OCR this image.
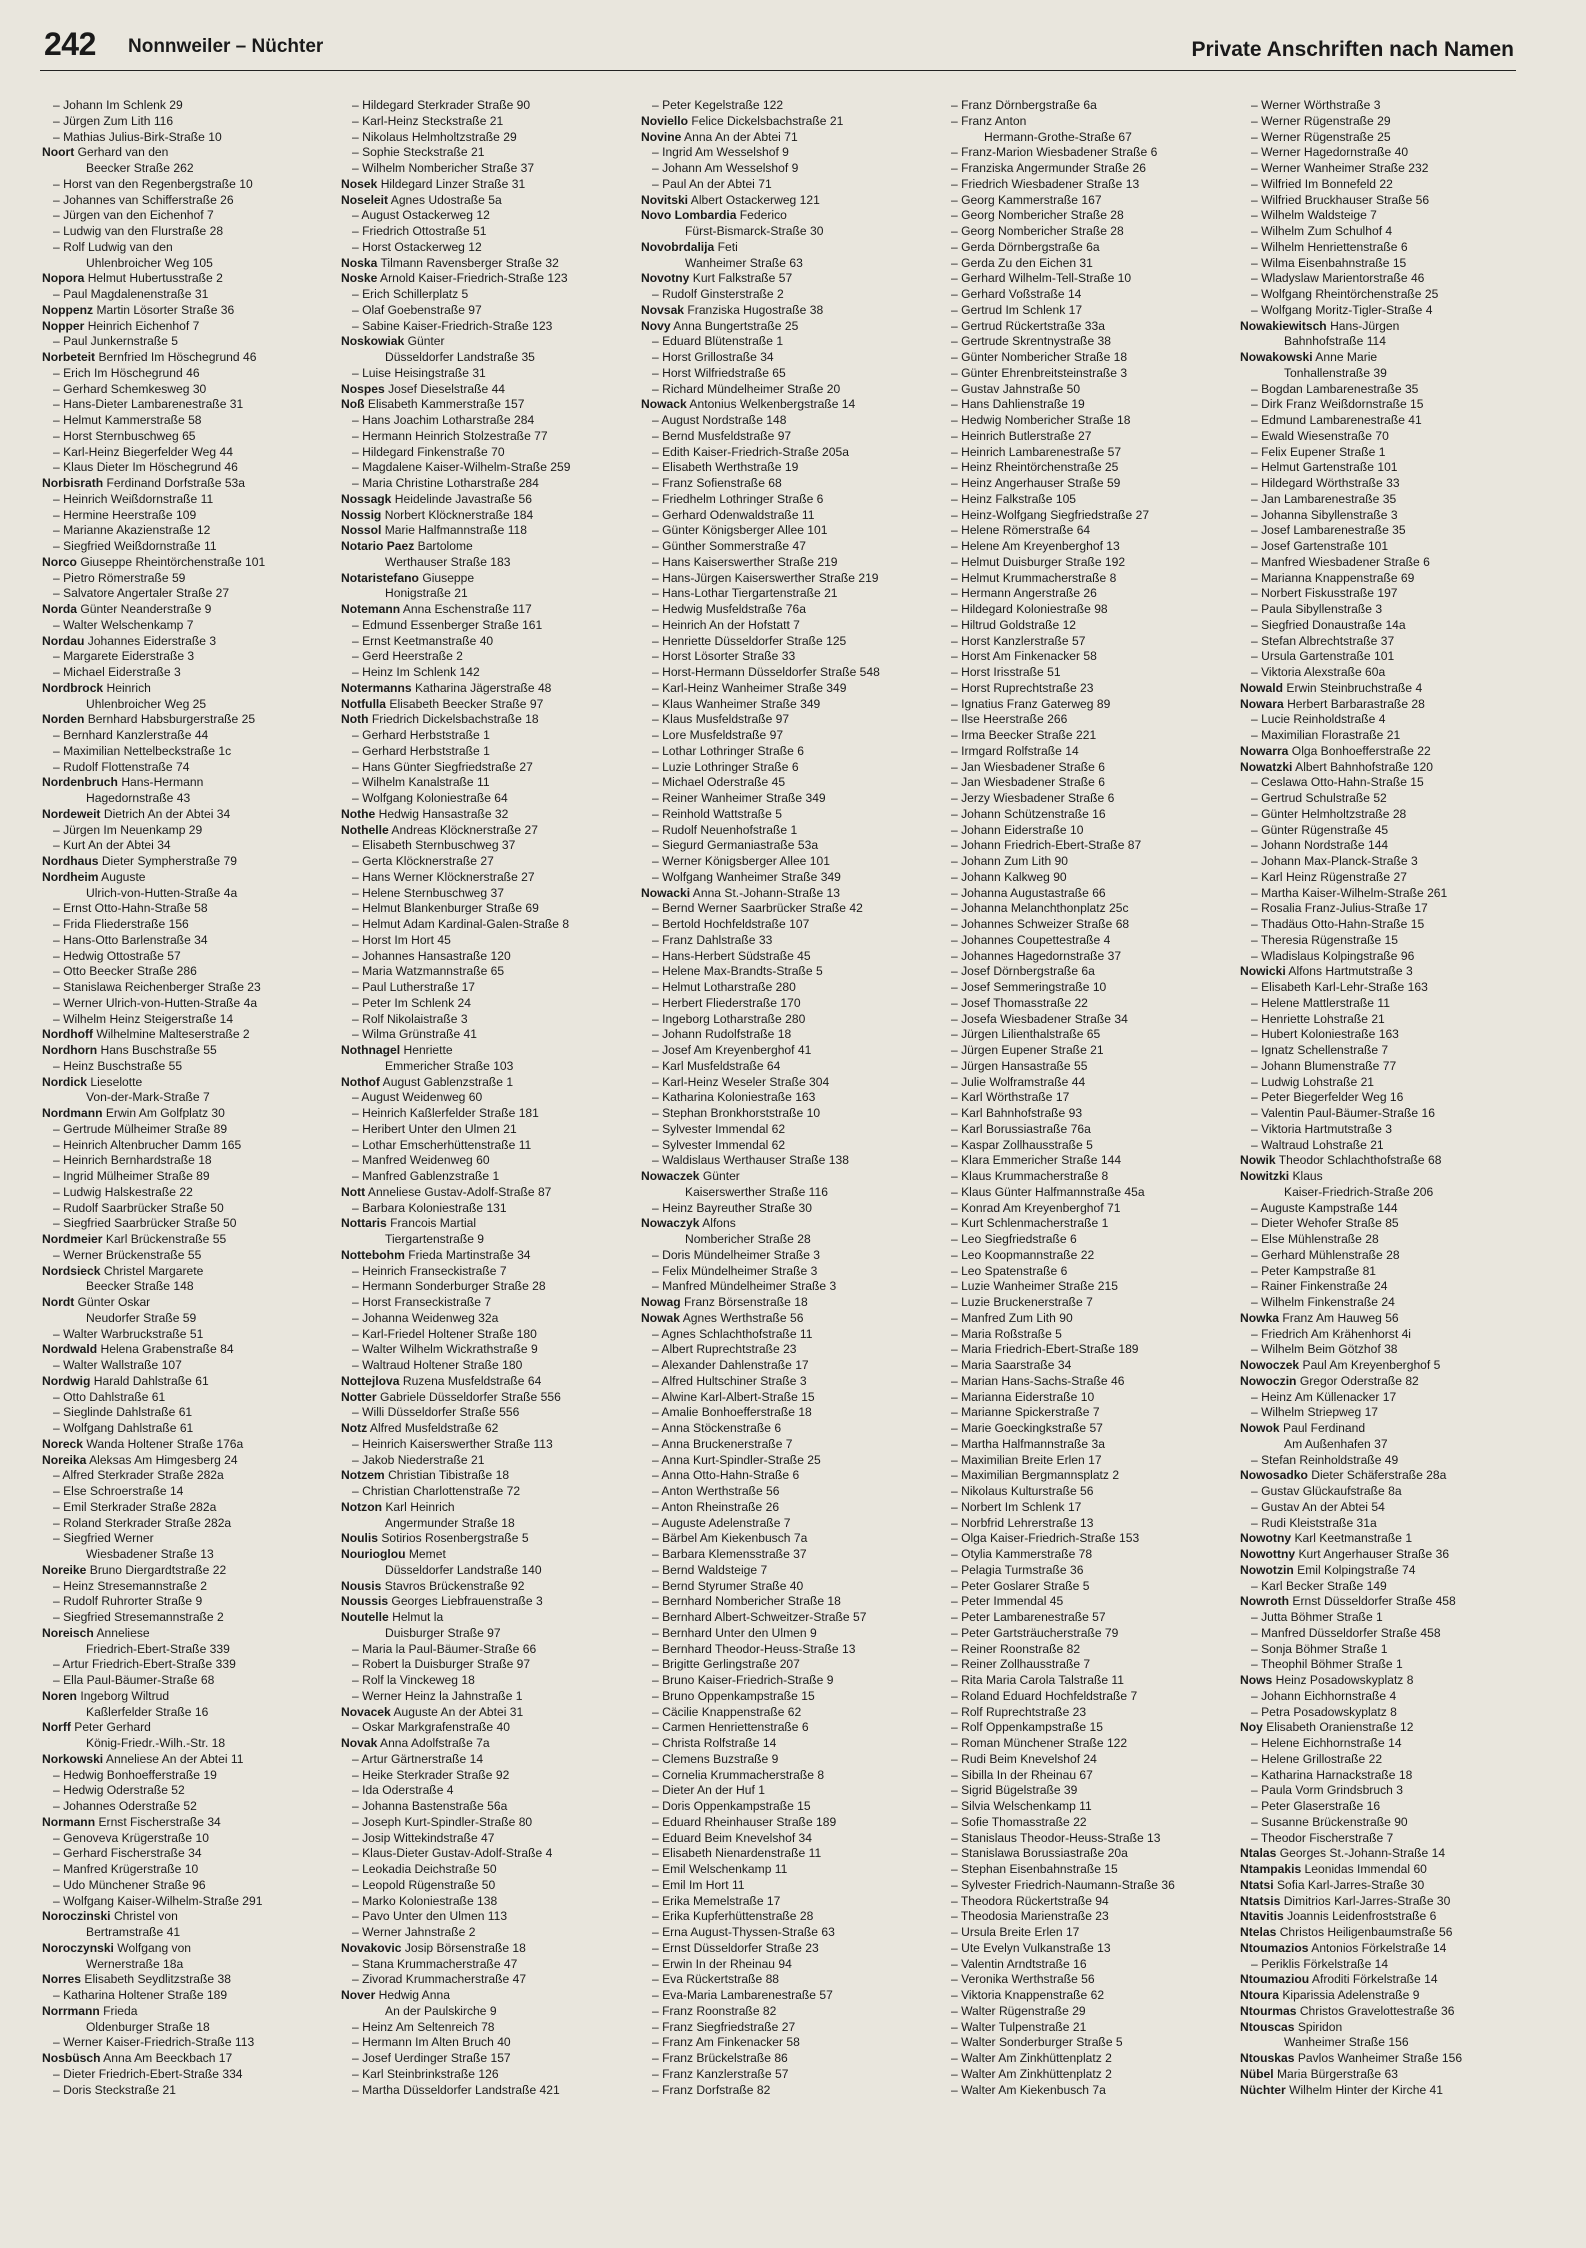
242 Nonnweiler – Nüchter	Private Anschriften nach Namen
– Johann Im Schlenk 29
– Jürgen Zum Lith 116
– Mathias Julius-Birk-Straße 10
Noort Gerhard van den
Beecker Straße 262
– Horst van den Regenbergstraße 10
– Johannes van Schifferstraße 26
– Jürgen van den Eichenhof 7
– Ludwig van den Flurstraße 28
– Rolf Ludwig van den
Uhlenbroicher Weg 105
Nopora Helmut Hubertusstraße 2
– Paul Magdalenenstraße 31
Noppenz Martin Lösorter Straße 36
Nopper Heinrich Eichenhof 7
– Paul Junkernstraße 5
Norbeteit Bernfried Im Höschegrund 46
– Erich Im Höschegrund 46
– Gerhard Schemkesweg 30
– Hans-Dieter Lambarenestraße 31
– Helmut Kammerstraße 58
– Horst Sternbuschweg 65
– Karl-Heinz Biegerfelder Weg 44
– Klaus Dieter Im Höschegrund 46
Norbisrath Ferdinand Dorfstraße 53a
– Heinrich Weißdornstraße 11
– Hermine Heerstraße 109
– Marianne Akazienstraße 12
– Siegfried Weißdornstraße 11
Norco Giuseppe Rheintörchenstraße 101
– Pietro Römerstraße 59
– Salvatore Angertaler Straße 27
Norda Günter Neanderstraße 9
– Walter Welschenkamp 7
Nordau Johannes Eiderstraße 3
– Margarete Eiderstraße 3
– Michael Eiderstraße 3
Nordbrock Heinrich
Uhlenbroicher Weg 25
Norden Bernhard Habsburgerstraße 25
– Bernhard Kanzlerstraße 44
– Maximilian Nettelbeckstraße 1c
– Rudolf Flottenstraße 74
Nordenbruch Hans-Hermann
Hagedornstraße 43
Nordeweit Dietrich An der Abtei 34
– Jürgen Im Neuenkamp 29
– Kurt An der Abtei 34
Nordhaus Dieter Sympherstraße 79
Nordheim Auguste
Ulrich-von-Hutten-Straße 4a
– Ernst Otto-Hahn-Straße 58
– Frida Fliederstraße 156
– Hans-Otto Barlenstraße 34
– Hedwig Ottostraße 57
– Otto Beecker Straße 286
– Stanislawa Reichenberger Straße 23
– Werner Ulrich-von-Hutten-Straße 4a
– Wilhelm Heinz Steigerstraße 14
Nordhoff Wilhelmine Malteserstraße 2
Nordhorn Hans Buschstraße 55
– Heinz Buschstraße 55
Nordick Lieselotte
Von-der-Mark-Straße 7
Nordmann Erwin Am Golfplatz 30
– Gertrude Mülheimer Straße 89
– Heinrich Altenbrucher Damm 165
– Heinrich Bernhardstraße 18
– Ingrid Mülheimer Straße 89
– Ludwig Halskestraße 22
– Rudolf Saarbrücker Straße 50
– Siegfried Saarbrücker Straße 50
Nordmeier Karl Brückenstraße 55
– Werner Brückenstraße 55
Nordsieck Christel Margarete
Beecker Straße 148
Nordt Günter Oskar
Neudorfer Straße 59
– Walter Warbruckstraße 51
Nordwald Helena Grabenstraße 84
– Walter Wallstraße 107
Nordwig Harald Dahlstraße 61
– Otto Dahlstraße 61
– Sieglinde Dahlstraße 61
– Wolfgang Dahlstraße 61
Noreck Wanda Holtener Straße 176a
Noreika Aleksas Am Himgesberg 24
– Alfred Sterkrader Straße 282a
– Else Schroerstraße 14
– Emil Sterkrader Straße 282a
– Roland Sterkrader Straße 282a
– Siegfried Werner
Wiesbadener Straße 13
Noreike Bruno Diergardtstraße 22
– Heinz Stresemannstraße 2
– Rudolf Ruhrorter Straße 9
– Siegfried Stresemannstraße 2
Noreisch Anneliese
Friedrich-Ebert-Straße 339
– Artur Friedrich-Ebert-Straße 339
– Ella Paul-Bäumer-Straße 68
Noren Ingeborg Wiltrud
Kaßlerfelder Straße 16
Norff Peter Gerhard
König-Friedr.-Wilh.-Str. 18
Norkowski Anneliese An der Abtei 11
– Hedwig Bonhoefferstraße 19
– Hedwig Oderstraße 52
– Johannes Oderstraße 52
Normann Ernst Fischerstraße 34
– Genoveva Krügerstraße 10
– Gerhard Fischerstraße 34
– Manfred Krügerstraße 10
– Udo Münchener Straße 96
– Wolfgang Kaiser-Wilhelm-Straße 291
Noroczinski Christel von
Bertramstraße 41
Noroczynski Wolfgang von
Wernerstraße 18a
Norres Elisabeth Seydlitzstraße 38
– Katharina Holtener Straße 189
Norrmann Frieda
Oldenburger Straße 18
– Werner Kaiser-Friedrich-Straße 113
Nosbüsch Anna Am Beeckbach 17
– Dieter Friedrich-Ebert-Straße 334
– Doris Steckstraße 21
– Hildegard Sterkrader Straße 90
– Karl-Heinz Steckstraße 21
– Nikolaus Helmholtzstraße 29
– Sophie Steckstraße 21
– Wilhelm Nombericher Straße 37
Nosek Hildegard Linzer Straße 31
Noseleit Agnes Udostraße 5a
– August Ostackerweg 12
– Friedrich Ottostraße 51
– Horst Ostackerweg 12
Noska Tilmann Ravensberger Straße 32
Noske Arnold Kaiser-Friedrich-Straße 123
– Erich Schillerplatz 5
– Olaf Goebenstraße 97
– Sabine Kaiser-Friedrich-Straße 123
Noskowiak Günter
Düsseldorfer Landstraße 35
– Luise Heisingstraße 31
Nospes Josef Dieselstraße 44
Noß Elisabeth Kammerstraße 157
– Hans Joachim Lotharstraße 284
– Hermann Heinrich Stolzestraße 77
– Hildegard Finkenstraße 70
– Magdalene Kaiser-Wilhelm-Straße 259
– Maria Christine Lotharstraße 284
Nossagk Heidelinde Javastraße 56
Nossig Norbert Klöcknerstraße 184
Nossol Marie Halfmannstraße 118
Notario Paez Bartolome
Werthauser Straße 183
Notaristefano Giuseppe
Honigstraße 21
Notemann Anna Eschenstraße 117
– Edmund Essenberger Straße 161
– Ernst Keetmanstraße 40
– Gerd Heerstraße 2
– Heinz Im Schlenk 142
Notermanns Katharina Jägerstraße 48
Notfulla Elisabeth Beecker Straße 97
Noth Friedrich Dickelsbachstraße 18
– Gerhard Herbststraße 1
– Gerhard Herbststraße 1
– Hans Günter Siegfriedstraße 27
– Wilhelm Kanalstraße 11
– Wolfgang Koloniestraße 64
Nothe Hedwig Hansastraße 32
Nothelle Andreas Klöcknerstraße 27
– Elisabeth Sternbuschweg 37
– Gerta Klöcknerstraße 27
– Hans Werner Klöcknerstraße 27
– Helene Sternbuschweg 37
– Helmut Blankenburger Straße 69
– Helmut Adam Kardinal-Galen-Straße 8
– Horst Im Hort 45
– Johannes Hansastraße 120
– Maria Watzmannstraße 65
– Paul Lutherstraße 17
– Peter Im Schlenk 24
– Rolf Nikolaistraße 3
– Wilma Grünstraße 41
Nothnagel Henriette
Emmericher Straße 103
Nothof August Gablenzstraße 1
– August Weidenweg 60
– Heinrich Kaßlerfelder Straße 181
– Heribert Unter den Ulmen 21
– Lothar Emscherhüttenstraße 11
– Manfred Weidenweg 60
– Manfred Gablenzstraße 1
Nott Anneliese Gustav-Adolf-Straße 87
– Barbara Koloniestraße 131
Nottaris Francois Martial
Tiergartenstraße 9
Nottebohm Frieda Martinstraße 34
– Heinrich Franseckistraße 7
– Hermann Sonderburger Straße 28
– Horst Franseckistraße 7
– Johanna Weidenweg 32a
– Karl-Friedel Holtener Straße 180
– Walter Wilhelm Wickrathstraße 9
– Waltraud Holtener Straße 180
Nottejlova Ruzena Musfeldstraße 64
Notter Gabriele Düsseldorfer Straße 556
– Willi Düsseldorfer Straße 556
Notz Alfred Musfeldstraße 62
– Heinrich Kaiserswerther Straße 113
– Jakob Niederstraße 21
Notzem Christian Tibistraße 18
– Christian Charlottenstraße 72
Notzon Karl Heinrich
Angermunder Straße 18
Noulis Sotirios Rosenbergstraße 5
Nourioglou Memet
Düsseldorfer Landstraße 140
Nousis Stavros Brückenstraße 92
Noussis Georges Liebfrauenstraße 3
Noutelle Helmut la
Duisburger Straße 97
– Maria la Paul-Bäumer-Straße 66
– Robert la Duisburger Straße 97
– Rolf la Vinckeweg 18
– Werner Heinz la Jahnstraße 1
Novacek Auguste An der Abtei 31
– Oskar Markgrafenstraße 40
Novak Anna Adolfstraße 7a
– Artur Gärtnerstraße 14
– Heike Sterkrader Straße 92
– Ida Oderstraße 4
– Johanna Bastenstraße 56a
– Joseph Kurt-Spindler-Straße 80
– Josip Wittekindstraße 47
– Klaus-Dieter Gustav-Adolf-Straße 4
– Leokadia Deichstraße 50
– Leopold Rügenstraße 50
– Marko Koloniestraße 138
– Pavo Unter den Ulmen 113
– Werner Jahnstraße 2
Novakovic Josip Börsenstraße 18
– Stana Krummacherstraße 47
– Zivorad Krummacherstraße 47
Nover Hedwig Anna
An der Paulskirche 9
– Heinz Am Seltenreich 78
– Hermann Im Alten Bruch 40
– Josef Uerdinger Straße 157
– Karl Steinbrinkstraße 126
– Martha Düsseldorfer Landstraße 421
– Peter Kegelstraße 122
Noviello Felice Dickelsbachstraße 21
Novine Anna An der Abtei 71
– Ingrid Am Wesselshof 9
– Johann Am Wesselshof 9
– Paul An der Abtei 71
Novitski Albert Ostackerweg 121
Novo Lombardia Federico
Fürst-Bismarck-Straße 30
Novobrdalija Feti
Wanheimer Straße 63
Novotny Kurt Falkstraße 57
– Rudolf Ginsterstraße 2
Novsak Franziska Hugostraße 38
Novy Anna Bungertstraße 25
– Eduard Blütenstraße 1
– Horst Grillostraße 34
– Horst Wilfriedstraße 65
– Richard Mündelheimer Straße 20
Nowack Antonius Welkenbergstraße 14
– August Nordstraße 148
– Bernd Musfeldstraße 97
– Edith Kaiser-Friedrich-Straße 205a
– Elisabeth Werthstraße 19
– Franz Sofienstraße 68
– Friedhelm Lothringer Straße 6
– Gerhard Odenwaldstraße 11
– Günter Königsberger Allee 101
– Günther Sommerstraße 47
– Hans Kaiserswerther Straße 219
– Hans-Jürgen Kaiserswerther Straße 219
– Hans-Lothar Tiergartenstraße 21
– Hedwig Musfeldstraße 76a
– Heinrich An der Hofstatt 7
– Henriette Düsseldorfer Straße 125
– Horst Lösorter Straße 33
– Horst-Hermann Düsseldorfer Straße 548
– Karl-Heinz Wanheimer Straße 349
– Klaus Wanheimer Straße 349
– Klaus Musfeldstraße 97
– Lore Musfeldstraße 97
– Lothar Lothringer Straße 6
– Luzie Lothringer Straße 6
– Michael Oderstraße 45
– Reiner Wanheimer Straße 349
– Reinhold Wattstraße 5
– Rudolf Neuenhofstraße 1
– Siegurd Germaniastraße 53a
– Werner Königsberger Allee 101
– Wolfgang Wanheimer Straße 349
Nowacki Anna St.-Johann-Straße 13
– Bernd Werner Saarbrücker Straße 42
– Bertold Hochfeldstraße 107
– Franz Dahlstraße 33
– Hans-Herbert Südstraße 45
– Helene Max-Brandts-Straße 5
– Helmut Lotharstraße 280
– Herbert Fliederstraße 170
– Ingeborg Lotharstraße 280
– Johann Rudolfstraße 18
– Josef Am Kreyenberghof 41
– Karl Musfeldstraße 64
– Karl-Heinz Weseler Straße 304
– Katharina Koloniestraße 163
– Stephan Bronkhorststraße 10
– Sylvester Immendal 62
– Sylvester Immendal 62
– Waldislaus Werthauser Straße 138
Nowaczek Günter
Kaiserswerther Straße 116
– Heinz Bayreuther Straße 30
Nowaczyk Alfons
Nombericher Straße 28
– Doris Mündelheimer Straße 3
– Felix Mündelheimer Straße 3
– Manfred Mündelheimer Straße 3
Nowag Franz Börsenstraße 18
Nowak Agnes Werthstraße 56
– Agnes Schlachthofstraße 11
– Albert Ruprechtstraße 23
– Alexander Dahlenstraße 17
– Alfred Hultschiner Straße 3
– Alwine Karl-Albert-Straße 15
– Amalie Bonhoefferstraße 18
– Anna Stöckenstraße 6
– Anna Bruckenerstraße 7
– Anna Kurt-Spindler-Straße 25
– Anna Otto-Hahn-Straße 6
– Anton Werthstraße 56
– Anton Rheinstraße 26
– Auguste Adelenstraße 7
– Bärbel Am Kiekenbusch 7a
– Barbara Klemensstraße 37
– Bernd Waldsteige 7
– Bernd Styrumer Straße 40
– Bernhard Nombericher Straße 18
– Bernhard Albert-Schweitzer-Straße 57
– Bernhard Unter den Ulmen 9
– Bernhard Theodor-Heuss-Straße 13
– Brigitte Gerlingstraße 207
– Bruno Kaiser-Friedrich-Straße 9
– Bruno Oppenkampstraße 15
– Cäcilie Knappenstraße 62
– Carmen Henriettenstraße 6
– Christa Rolfstraße 14
– Clemens Buzstraße 9
– Cornelia Krummacherstraße 8
– Dieter An der Huf 1
– Doris Oppenkampstraße 15
– Eduard Rheinhauser Straße 189
– Eduard Beim Knevelshof 34
– Elisabeth Nienardenstraße 11
– Emil Welschenkamp 11
– Emil Im Hort 11
– Erika Memelstraße 17
– Erika Kupferhüttenstraße 28
– Erna August-Thyssen-Straße 63
– Ernst Düsseldorfer Straße 23
– Erwin In der Rheinau 94
– Eva Rückertstraße 88
– Eva-Maria Lambarenestraße 57
– Franz Roonstraße 82
– Franz Siegfriedstraße 27
– Franz Am Finkenacker 58
– Franz Brückelstraße 86
– Franz Kanzlerstraße 57
– Franz Dorfstraße 82
– Franz Dörnbergstraße 6a
– Franz Anton
Hermann-Grothe-Straße 67
– Franz-Marion Wiesbadener Straße 6
– Franziska Angermunder Straße 26
– Friedrich Wiesbadener Straße 13
– Georg Kammerstraße 167
– Georg Nombericher Straße 28
– Georg Nombericher Straße 28
– Gerda Dörnbergstraße 6a
– Gerda Zu den Eichen 31
– Gerhard Wilhelm-Tell-Straße 10
– Gerhard Voßstraße 14
– Gertrud Im Schlenk 17
– Gertrud Rückertstraße 33a
– Gertrude Skrentnystraße 38
– Günter Nombericher Straße 18
– Günter Ehrenbreitsteinstraße 3
– Gustav Jahnstraße 50
– Hans Dahlienstraße 19
– Hedwig Nombericher Straße 18
– Heinrich Butlerstraße 27
– Heinrich Lambarenestraße 57
– Heinz Rheintörchenstraße 25
– Heinz Angerhauser Straße 59
– Heinz Falkstraße 105
– Heinz-Wolfgang Siegfriedstraße 27
– Helene Römerstraße 64
– Helene Am Kreyenberghof 13
– Helmut Duisburger Straße 192
– Helmut Krummacherstraße 8
– Hermann Angerstraße 26
– Hildegard Koloniestraße 98
– Hiltrud Goldstraße 12
– Horst Kanzlerstraße 57
– Horst Am Finkenacker 58
– Horst Irisstraße 51
– Horst Ruprechtstraße 23
– Ignatius Franz Gaterweg 89
– Ilse Heerstraße 266
– Irma Beecker Straße 221
– Irmgard Rolfstraße 14
– Jan Wiesbadener Straße 6
– Jan Wiesbadener Straße 6
– Jerzy Wiesbadener Straße 6
– Johann Schützenstraße 16
– Johann Eiderstraße 10
– Johann Friedrich-Ebert-Straße 87
– Johann Zum Lith 90
– Johann Kalkweg 90
– Johanna Augustastraße 66
– Johanna Melanchthonplatz 25c
– Johannes Schweizer Straße 68
– Johannes Coupettestraße 4
– Johannes Hagedornstraße 37
– Josef Dörnbergstraße 6a
– Josef Semmeringstraße 10
– Josef Thomasstraße 22
– Josefa Wiesbadener Straße 34
– Jürgen Lilienthalstraße 65
– Jürgen Eupener Straße 21
– Jürgen Hansastraße 55
– Julie Wolframstraße 44
– Karl Wörthstraße 17
– Karl Bahnhofstraße 93
– Karl Borussiastraße 76a
– Kaspar Zollhausstraße 5
– Klara Emmericher Straße 144
– Klaus Krummacherstraße 8
– Klaus Günter Halfmannstraße 45a
– Konrad Am Kreyenberghof 71
– Kurt Schlenmacherstraße 1
– Leo Siegfriedstraße 6
– Leo Koopmannstraße 22
– Leo Spatenstraße 6
– Luzie Wanheimer Straße 215
– Luzie Bruckenerstraße 7
– Manfred Zum Lith 90
– Maria Roßstraße 5
– Maria Friedrich-Ebert-Straße 189
– Maria Saarstraße 34
– Marian Hans-Sachs-Straße 46
– Marianna Eiderstraße 10
– Marianne Spickerstraße 7
– Marie Goeckingkstraße 57
– Martha Halfmannstraße 3a
– Maximilian Breite Erlen 17
– Maximilian Bergmannsplatz 2
– Nikolaus Kulturstraße 56
– Norbert Im Schlenk 17
– Norbfrid Lehrerstraße 13
– Olga Kaiser-Friedrich-Straße 153
– Otylia Kammerstraße 78
– Pelagia Turmstraße 36
– Peter Goslarer Straße 5
– Peter Immendal 45
– Peter Lambarenestraße 57
– Peter Gartsträucherstraße 79
– Reiner Roonstraße 82
– Reiner Zollhausstraße 7
– Rita Maria Carola Talstraße 11
– Roland Eduard Hochfeldstraße 7
– Rolf Ruprechtstraße 23
– Rolf Oppenkampstraße 15
– Roman Münchener Straße 122
– Rudi Beim Knevelshof 24
– Sibilla In der Rheinau 67
– Sigrid Bügelstraße 39
– Silvia Welschenkamp 11
– Sofie Thomasstraße 22
– Stanislaus Theodor-Heuss-Straße 13
– Stanislawa Borussiastraße 20a
– Stephan Eisenbahnstraße 15
– Sylvester Friedrich-Naumann-Straße 36
– Theodora Rückertstraße 94
– Theodosia Marienstraße 23
– Ursula Breite Erlen 17
– Ute Evelyn Vulkanstraße 13
– Valentin Arndtstraße 16
– Veronika Werthstraße 56
– Viktoria Knappenstraße 62
– Walter Rügenstraße 29
– Walter Tulpenstraße 21
– Walter Sonderburger Straße 5
– Walter Am Zinkhüttenplatz 2
– Walter Am Zinkhüttenplatz 2
– Walter Am Kiekenbusch 7a
– Werner Wörthstraße 3
– Werner Rügenstraße 29
– Werner Rügenstraße 25
– Werner Hagedornstraße 40
– Werner Wanheimer Straße 232
– Wilfried Im Bonnefeld 22
– Wilfried Bruckhauser Straße 56
– Wilhelm Waldsteige 7
– Wilhelm Zum Schulhof 4
– Wilhelm Henriettenstraße 6
– Wilma Eisenbahnstraße 15
– Wladyslaw Marientorstraße 46
– Wolfgang Rheintörchenstraße 25
– Wolfgang Moritz-Tigler-Straße 4
Nowakiewitsch Hans-Jürgen
Bahnhofstraße 114
Nowakowski Anne Marie
Tonhallenstraße 39
– Bogdan Lambarenestraße 35
– Dirk Franz Weißdornstraße 15
– Edmund Lambarenestraße 41
– Ewald Wiesenstraße 70
– Felix Eupener Straße 1
– Helmut Gartenstraße 101
– Hildegard Wörthstraße 33
– Jan Lambarenestraße 35
– Johanna Sibyllenstraße 3
– Josef Lambarenestraße 35
– Josef Gartenstraße 101
– Manfred Wiesbadener Straße 6
– Marianna Knappenstraße 69
– Norbert Fiskusstraße 197
– Paula Sibyllenstraße 3
– Siegfried Donaustraße 14a
– Stefan Albrechtstraße 37
– Ursula Gartenstraße 101
– Viktoria Alexstraße 60a
Nowald Erwin Steinbruchstraße 4
Nowara Herbert Barbarastraße 28
– Lucie Reinholdstraße 4
– Maximilian Florastraße 21
Nowarra Olga Bonhoefferstraße 22
Nowatzki Albert Bahnhofstraße 120
– Ceslawa Otto-Hahn-Straße 15
– Gertrud Schulstraße 52
– Günter Helmholtzstraße 28
– Günter Rügenstraße 45
– Johann Nordstraße 144
– Johann Max-Planck-Straße 3
– Karl Heinz Rügenstraße 27
– Martha Kaiser-Wilhelm-Straße 261
– Rosalia Franz-Julius-Straße 17
– Thadäus Otto-Hahn-Straße 15
– Theresia Rügenstraße 15
– Wladislaus Kolpingstraße 96
Nowicki Alfons Hartmutstraße 3
– Elisabeth Karl-Lehr-Straße 163
– Helene Mattlerstraße 11
– Henriette Lohstraße 21
– Hubert Koloniestraße 163
– Ignatz Schellenstraße 7
– Johann Blumenstraße 77
– Ludwig Lohstraße 21
– Peter Biegerfelder Weg 16
– Valentin Paul-Bäumer-Straße 16
– Viktoria Hartmutstraße 3
– Waltraud Lohstraße 21
Nowik Theodor Schlachthofstraße 68
Nowitzki Klaus
Kaiser-Friedrich-Straße 206
– Auguste Kampstraße 144
– Dieter Wehofer Straße 85
– Else Mühlenstraße 28
– Gerhard Mühlenstraße 28
– Peter Kampstraße 81
– Rainer Finkenstraße 24
– Wilhelm Finkenstraße 24
Nowka Franz Am Hauweg 56
– Friedrich Am Krähenhorst 4i
– Wilhelm Beim Götzhof 38
Nowoczek Paul Am Kreyenberghof 5
Nowoczin Gregor Oderstraße 82
– Heinz Am Küllenacker 17
– Wilhelm Striepweg 17
Nowok Paul Ferdinand
Am Außenhafen 37
– Stefan Reinholdstraße 49
Nowosadko Dieter Schäferstraße 28a
– Gustav Glückaufstraße 8a
– Gustav An der Abtei 54
– Rudi Kleiststraße 31a
Nowotny Karl Keetmanstraße 1
Nowottny Kurt Angerhauser Straße 36
Nowotzin Emil Kolpingstraße 74
– Karl Becker Straße 149
Nowroth Ernst Düsseldorfer Straße 458
– Jutta Böhmer Straße 1
– Manfred Düsseldorfer Straße 458
– Sonja Böhmer Straße 1
– Theophil Böhmer Straße 1
Nows Heinz Posadowskyplatz 8
– Johann Eichhornstraße 4
– Petra Posadowskyplatz 8
Noy Elisabeth Oranienstraße 12
– Helene Eichhornstraße 14
– Helene Grillostraße 22
– Katharina Harnackstraße 18
– Paula Vorm Grindsbruch 3
– Peter Glaserstraße 16
– Susanne Brückenstraße 90
– Theodor Fischerstraße 7
Ntalas Georges St.-Johann-Straße 14
Ntampakis Leonidas Immendal 60
Ntatsi Sofia Karl-Jarres-Straße 30
Ntatsis Dimitrios Karl-Jarres-Straße 30
Ntavitis Joannis Leidenfroststraße 6
Ntelas Christos Heiligenbaumstraße 56
Ntoumazios Antonios Förkelstraße 14
– Periklis Förkelstraße 14
Ntoumaziou Afroditi Förkelstraße 14
Ntoura Kiparissia Adelenstraße 9
Ntourmas Christos Gravelottestraße 36
Ntouscas Spiridon
Wanheimer Straße 156
Ntouskas Pavlos Wanheimer Straße 156
Nübel Maria Bürgerstraße 63
Nüchter Wilhelm Hinter der Kirche 41
